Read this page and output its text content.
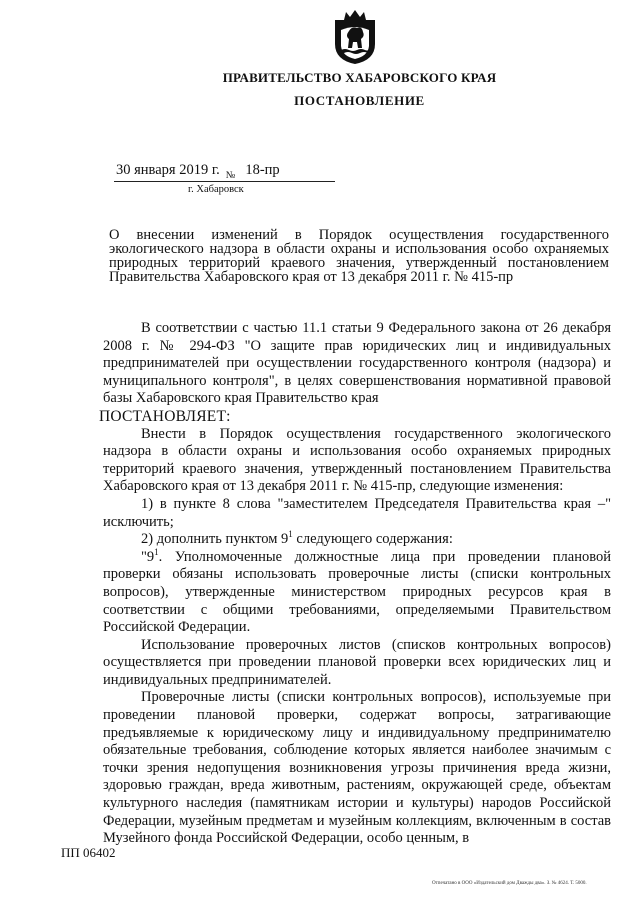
ПРАВИТЕЛЬСТВО ХАБАРОВСКОГО КРАЯ
ПОСТАНОВЛЕНИЕ
30 января 2019 г. № 18-пр
г. Хабаровск
О внесении изменений в Порядок осуществления государственного экологического надзора в области охраны и использования особо охраняемых природных территорий краевого значения, утвержденный постановлением Правительства Хабаровского края от 13 декабря 2011 г. № 415-пр

В соответствии с частью 11.1 статьи 9 Федерального закона от 26 декабря 2008 г. № 294-ФЗ "О защите прав юридических лиц и индивидуальных предпринимателей при осуществлении государственного контроля (надзора) и муниципального контроля", в целях совершенствования нормативной правовой базы Хабаровского края Правительство края

ПОСТАНОВЛЯЕТ:

Внести в Порядок осуществления государственного экологического надзора в области охраны и использования особо охраняемых природных территорий краевого значения, утвержденный постановлением Правительства Хабаровского края от 13 декабря 2011 г. № 415-пр, следующие изменения:

1) в пункте 8 слова "заместителем Председателя Правительства края –" исключить;

2) дополнить пунктом $9^1$ следующего содержания:

"$9^1$. Уполномоченные должностные лица при проведении плановой проверки обязаны использовать проверочные листы (списки контрольных вопросов), утвержденные министерством природных ресурсов края в соответствии с общими требованиями, определяемыми Правительством Российской Федерации.

Использование проверочных листов (списков контрольных вопросов) осуществляется при проведении плановой проверки всех юридических лиц и индивидуальных предпринимателей.

Проверочные листы (списки контрольных вопросов), используемые при проведении плановой проверки, содержат вопросы, затрагивающие предъявляемые к юридическому лицу и индивидуальному предпринимателю обязательные требования, соблюдение которых является наиболее значимым с точки зрения недопущения возникновения угрозы причинения вреда жизни, здоровью граждан, вреда животным, растениям, окружающей среде, объектам культурного наследия (памятникам истории и культуры) народов Российской Федерации, музейным предметам и музейным коллекциям, включенным в состав Музейного фонда Российской Федерации, особо ценным, в

ПП 06402
Отпечатано в ООО «Издательский дом Дважды два». З. № 4624. Т. 5000.
